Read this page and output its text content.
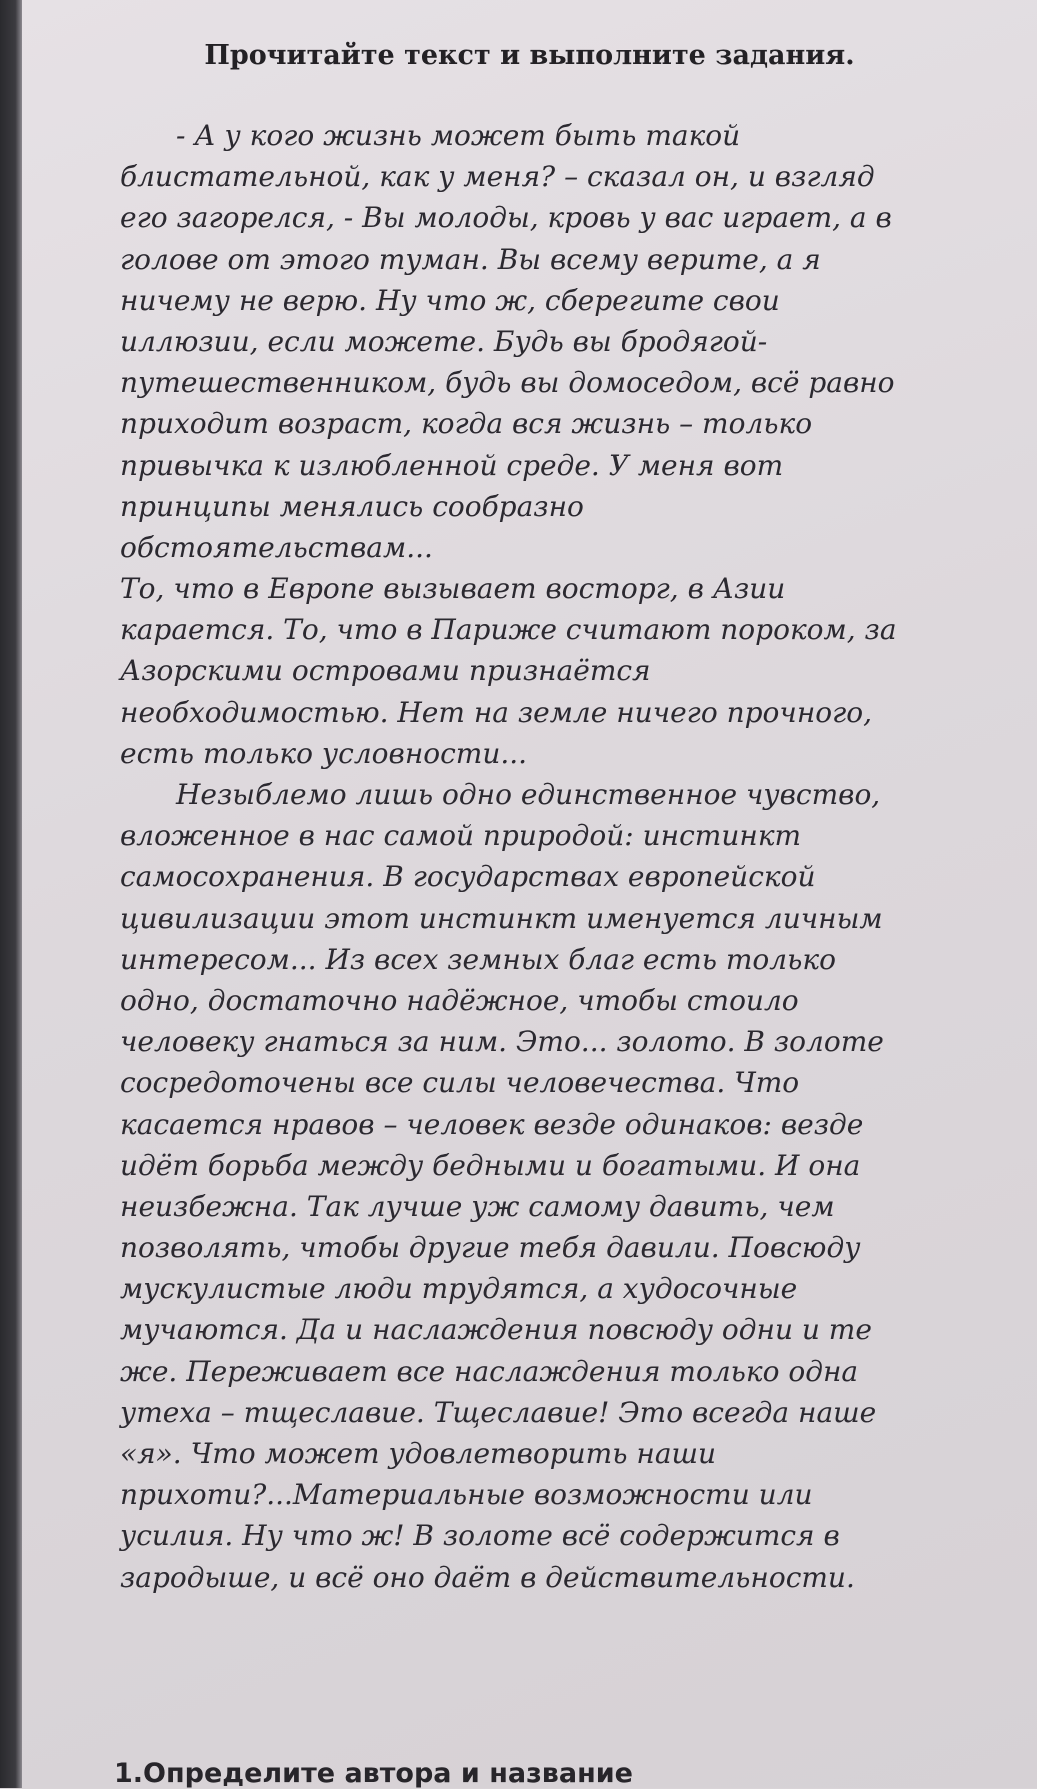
Прочитайте текст и выполните задания.
- А у кого жизнь может быть такой
блистательной, как у меня? – сказал он, и взгляд
его загорелся, - Вы молоды, кровь у вас играет, а в
голове от этого туман. Вы всему верите, а я
ничему не верю. Ну что ж, сберегите свои
иллюзии, если можете. Будь вы бродягой-
путешественником, будь вы домоседом, всё равно
приходит возраст, когда вся жизнь – только
привычка к излюбленной среде. У меня вот
принципы менялись сообразно
обстоятельствам...
То, что в Европе вызывает восторг, в Азии
карается. То, что в Париже считают пороком, за
Азорскими островами признаётся
необходимостью. Нет на земле ничего прочного,
есть только условности...
Незыблемо лишь одно единственное чувство,
вложенное в нас самой природой: инстинкт
самосохранения. В государствах европейской
цивилизации этот инстинкт именуется личным
интересом... Из всех земных благ есть только
одно, достаточно надёжное, чтобы стоило
человеку гнаться за ним. Это... золото. В золоте
сосредоточены все силы человечества. Что
касается нравов – человек везде одинаков: везде
идёт борьба между бедными и богатыми. И она
неизбежна. Так лучше уж самому давить, чем
позволять, чтобы другие тебя давили. Повсюду
мускулистые люди трудятся, а худосочные
мучаются. Да и наслаждения повсюду одни и те
же. Переживает все наслаждения только одна
утеха – тщеславие. Тщеславие! Это всегда наше
«я». Что может удовлетворить наши
прихоти?...Материальные возможности или
усилия. Ну что ж! В золоте всё содержится в
зародыше, и всё оно даёт в действительности.
1.Определите автора и название
